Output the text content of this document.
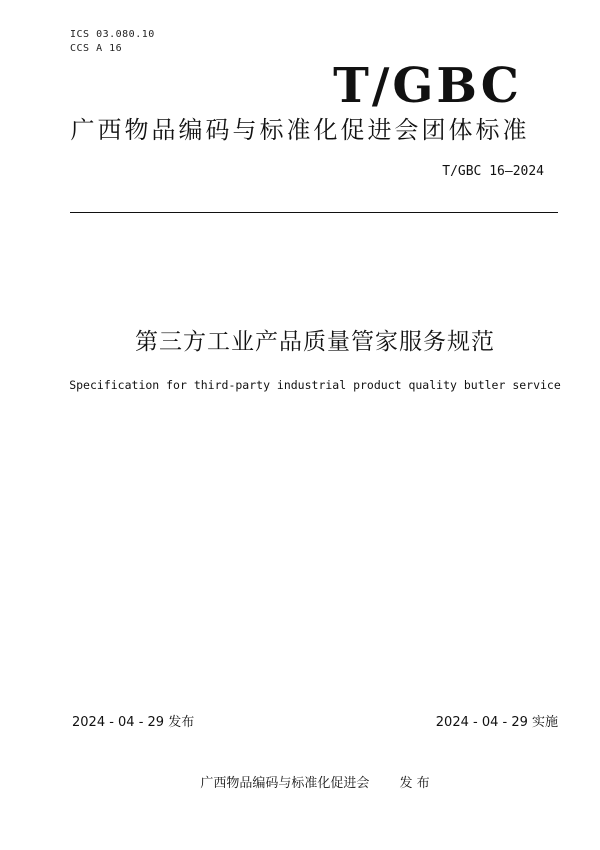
ICS 03.080.10
CCS A 16
T/GBC
广西物品编码与标准化促进会团体标准
T/GBC 16—2024
第三方工业产品质量管家服务规范
Specification for third-party industrial product quality butler service
2024 - 04 - 29 发布	2024 - 04 - 29 实施
广西物品编码与标准化促进会 发 布
